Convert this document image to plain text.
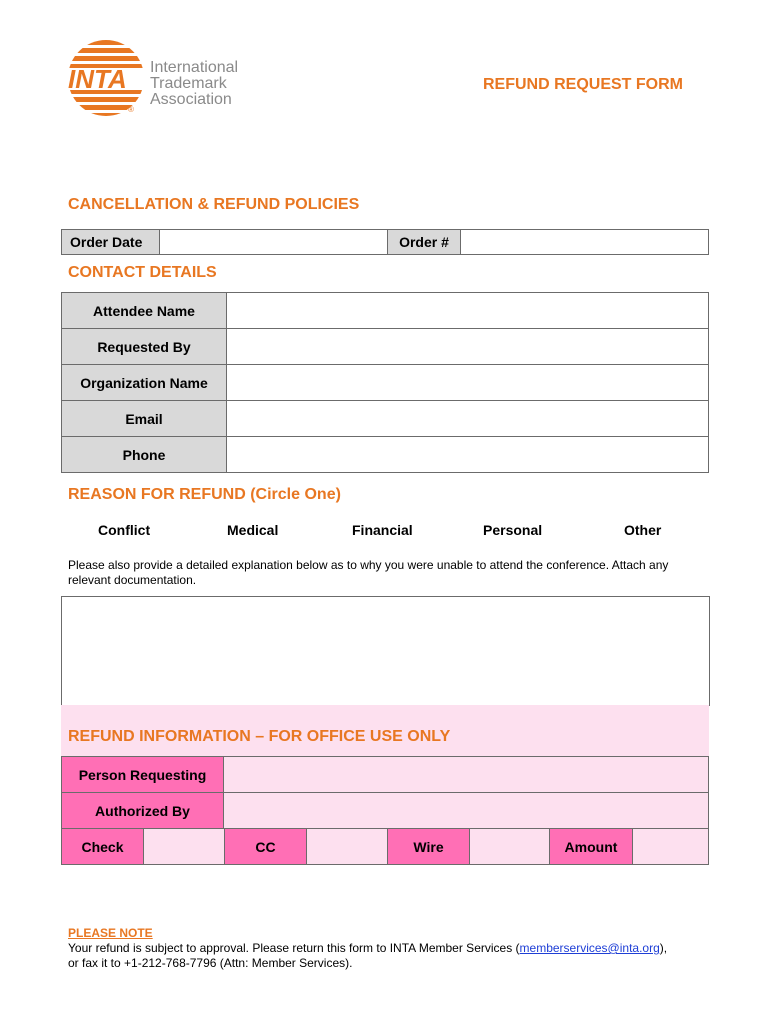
INTA
®
International
Trademark
Association
REFUND REQUEST FORM
CANCELLATION & REFUND POLICIES
Order Date		Order #	
CONTACT DETAILS
Attendee Name	
Requested By	
Organization Name	
Email	
Phone	
REASON FOR REFUND (Circle One)
Conflict	Medical	Financial	Personal	Other
Please also provide a detailed explanation below as to why you were unable to attend the conference. Attach any relevant documentation.
REFUND INFORMATION – FOR OFFICE USE ONLY
Person Requesting	
Authorized By	
Check		CC		Wire		Amount	
PLEASE NOTE
Your refund is subject to approval. Please return this form to INTA Member Services (memberservices@inta.org),
or fax it to +1-212-768-7796 (Attn: Member Services).
